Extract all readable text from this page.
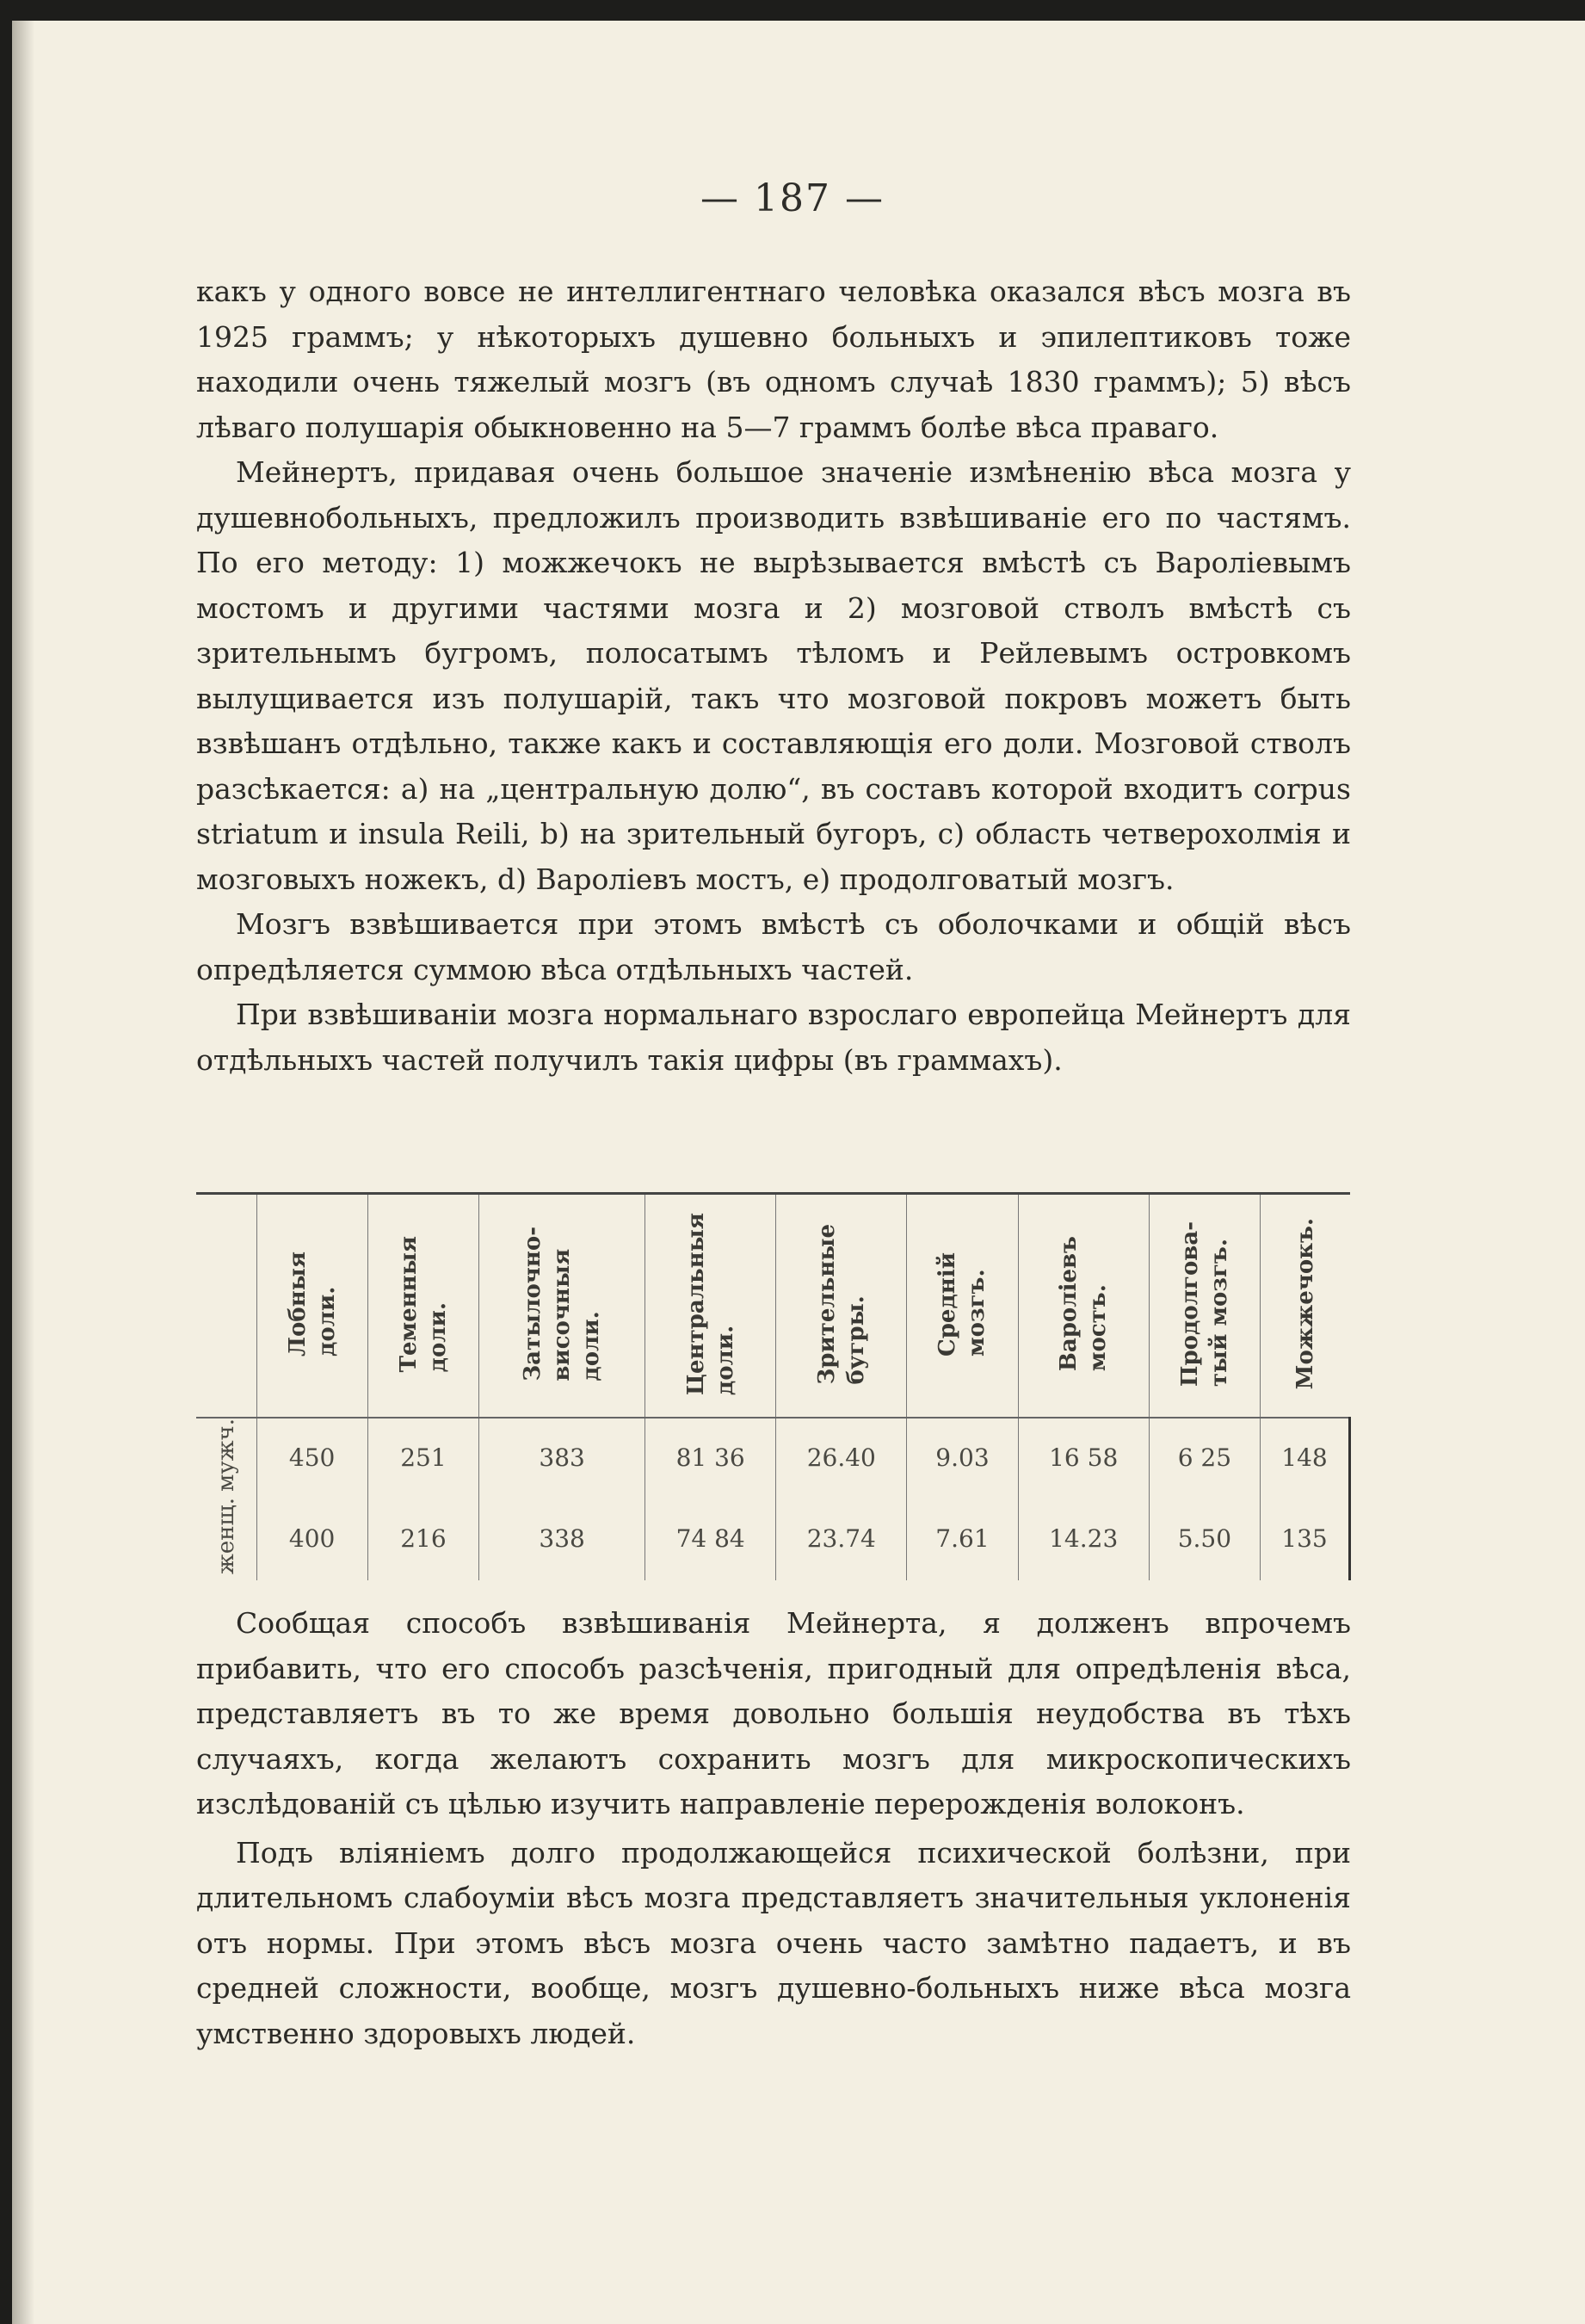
— 187 —

какъ у одного вовсе не интеллигентнаго человѣка оказался вѣсъ мозга въ 1925 граммъ; у нѣкоторыхъ душевно больныхъ и эпилептиковъ тоже находили очень тяжелый мозгъ (въ одномъ случаѣ 1830 граммъ); 5) вѣсъ лѣваго полушарія обыкновенно на 5—7 граммъ болѣе вѣса праваго.

Мейнертъ, придавая очень большое значеніе измѣненію вѣса мозга у душевнобольныхъ, предложилъ производить взвѣшиваніе его по частямъ. По его методу: 1) можжечокъ не вырѣзывается вмѣстѣ съ Варолiевымъ мостомъ и другими частями мозга и 2) мозговой стволъ вмѣстѣ съ зрительнымъ бугромъ, полосатымъ тѣломъ и Рейлевымъ островкомъ вылущивается изъ полушарій, такъ что мозговой покровъ можетъ быть взвѣшанъ отдѣльно, также какъ и составляющія его доли. Мозговой стволъ разсѣкается: a) на „центральную долю“, въ составъ которой входитъ corpus striatum и insula Reili, b) на зрительный бугоръ, c) область четверохолмія и мозговыхъ ножекъ, d) Варолiевъ мостъ, e) продолговатый мозгъ.

Мозгъ взвѣшивается при этомъ вмѣстѣ съ оболочками и общiй вѣсъ опредѣляется суммою вѣса отдѣльныхъ частей.

При взвѣшиваніи мозга нормальнаго взрослаго европейца Мейнертъ для отдѣльныхъ частей получилъ такія цифры (въ граммахъ).

	Лобныя
доли.	Теменныя
доли.	Затылочно-
височныя
доли.	Центральныя
доли.	Зрительные
бугры.	Средній
мозгъ.	Вароліевъ
мостъ.	Продолгова-
тый мозгъ.	Можжечокъ.
мужч.	450	251	383	81 36	26.40	9.03	16 58	6 25	148
женщ.	400	216	338	74 84	23.74	7.61	14.23	5.50	135

Сообщая способъ взвѣшиванія Мейнерта, я долженъ впрочемъ прибавить, что его способъ разсѣченія, пригодный для опредѣленія вѣса, представляетъ въ то же время довольно большія неудобства въ тѣхъ случаяхъ, когда желаютъ сохранить мозгъ для микроскопическихъ изслѣдованій съ цѣлью изучить направленіе перерожденія волоконъ.

Подъ вліяніемъ долго продолжающейся психической болѣзни, при длительномъ слабоуміи вѣсъ мозга представляетъ значительныя уклоненія отъ нормы. При этомъ вѣсъ мозга очень часто замѣтно падаетъ, и въ средней сложности, вообще, мозгъ душевно-больныхъ ниже вѣса мозга умственно здоровыхъ людей.
